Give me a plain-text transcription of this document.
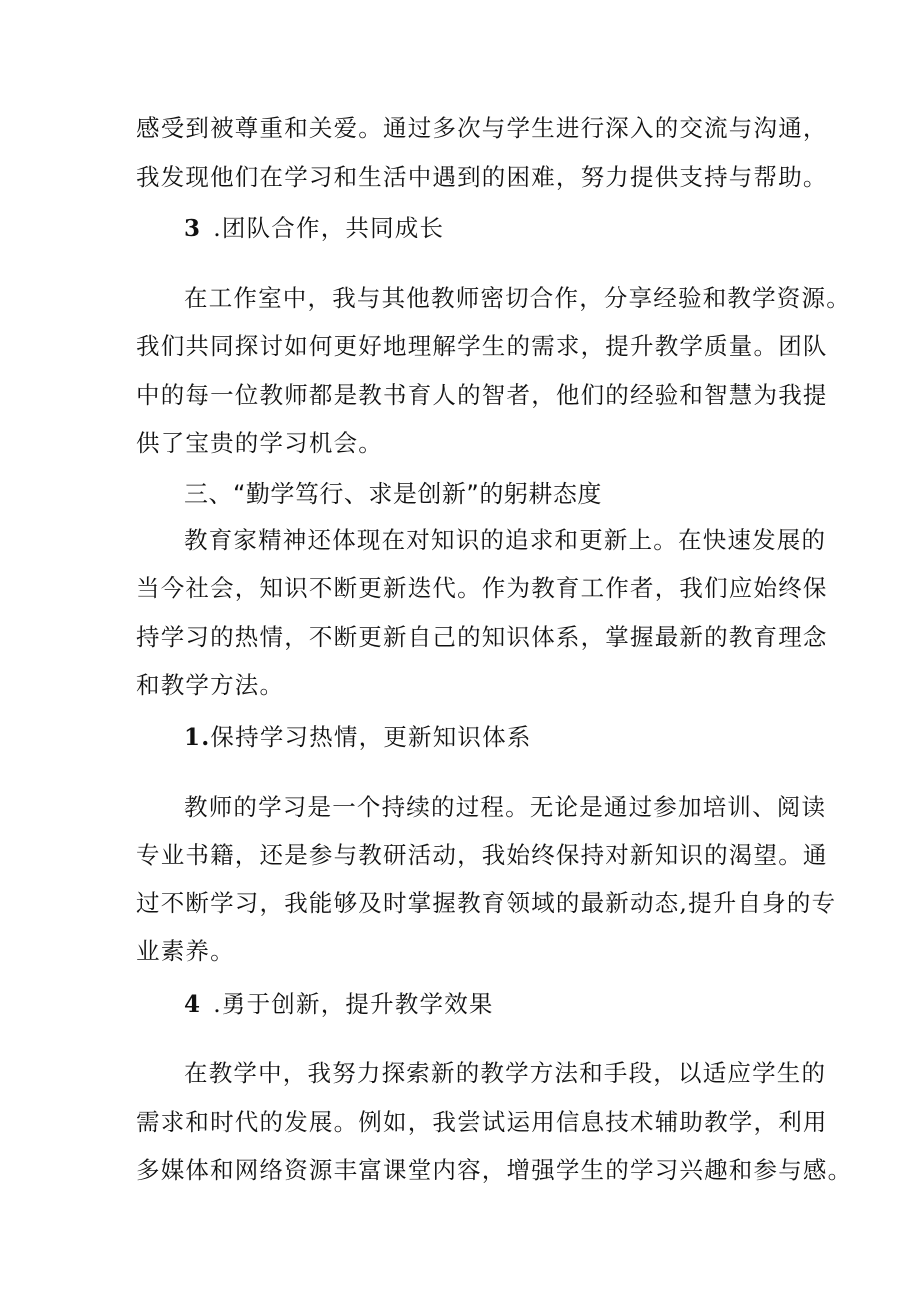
感受到被尊重和关爱。通过多次与学生进行深入的交流与沟通，
我发现他们在学习和生活中遇到的困难，努力提供支持与帮助。
3 .团队合作，共同成长
在工作室中，我与其他教师密切合作，分享经验和教学资源。
我们共同探讨如何更好地理解学生的需求，提升教学质量。团队
中的每一位教师都是教书育人的智者，他们的经验和智慧为我提
供了宝贵的学习机会。
三、“勤学笃行、求是创新”的躬耕态度
教育家精神还体现在对知识的追求和更新上。在快速发展的
当今社会，知识不断更新迭代。作为教育工作者，我们应始终保
持学习的热情，不断更新自己的知识体系，掌握最新的教育理念
和教学方法。
1.保持学习热情，更新知识体系
教师的学习是一个持续的过程。无论是通过参加培训、阅读
专业书籍，还是参与教研活动，我始终保持对新知识的渴望。通
过不断学习，我能够及时掌握教育领域的最新动态,提升自身的专
业素养。
4 .勇于创新，提升教学效果
在教学中，我努力探索新的教学方法和手段，以适应学生的
需求和时代的发展。例如，我尝试运用信息技术辅助教学，利用
多媒体和网络资源丰富课堂内容，增强学生的学习兴趣和参与感。
